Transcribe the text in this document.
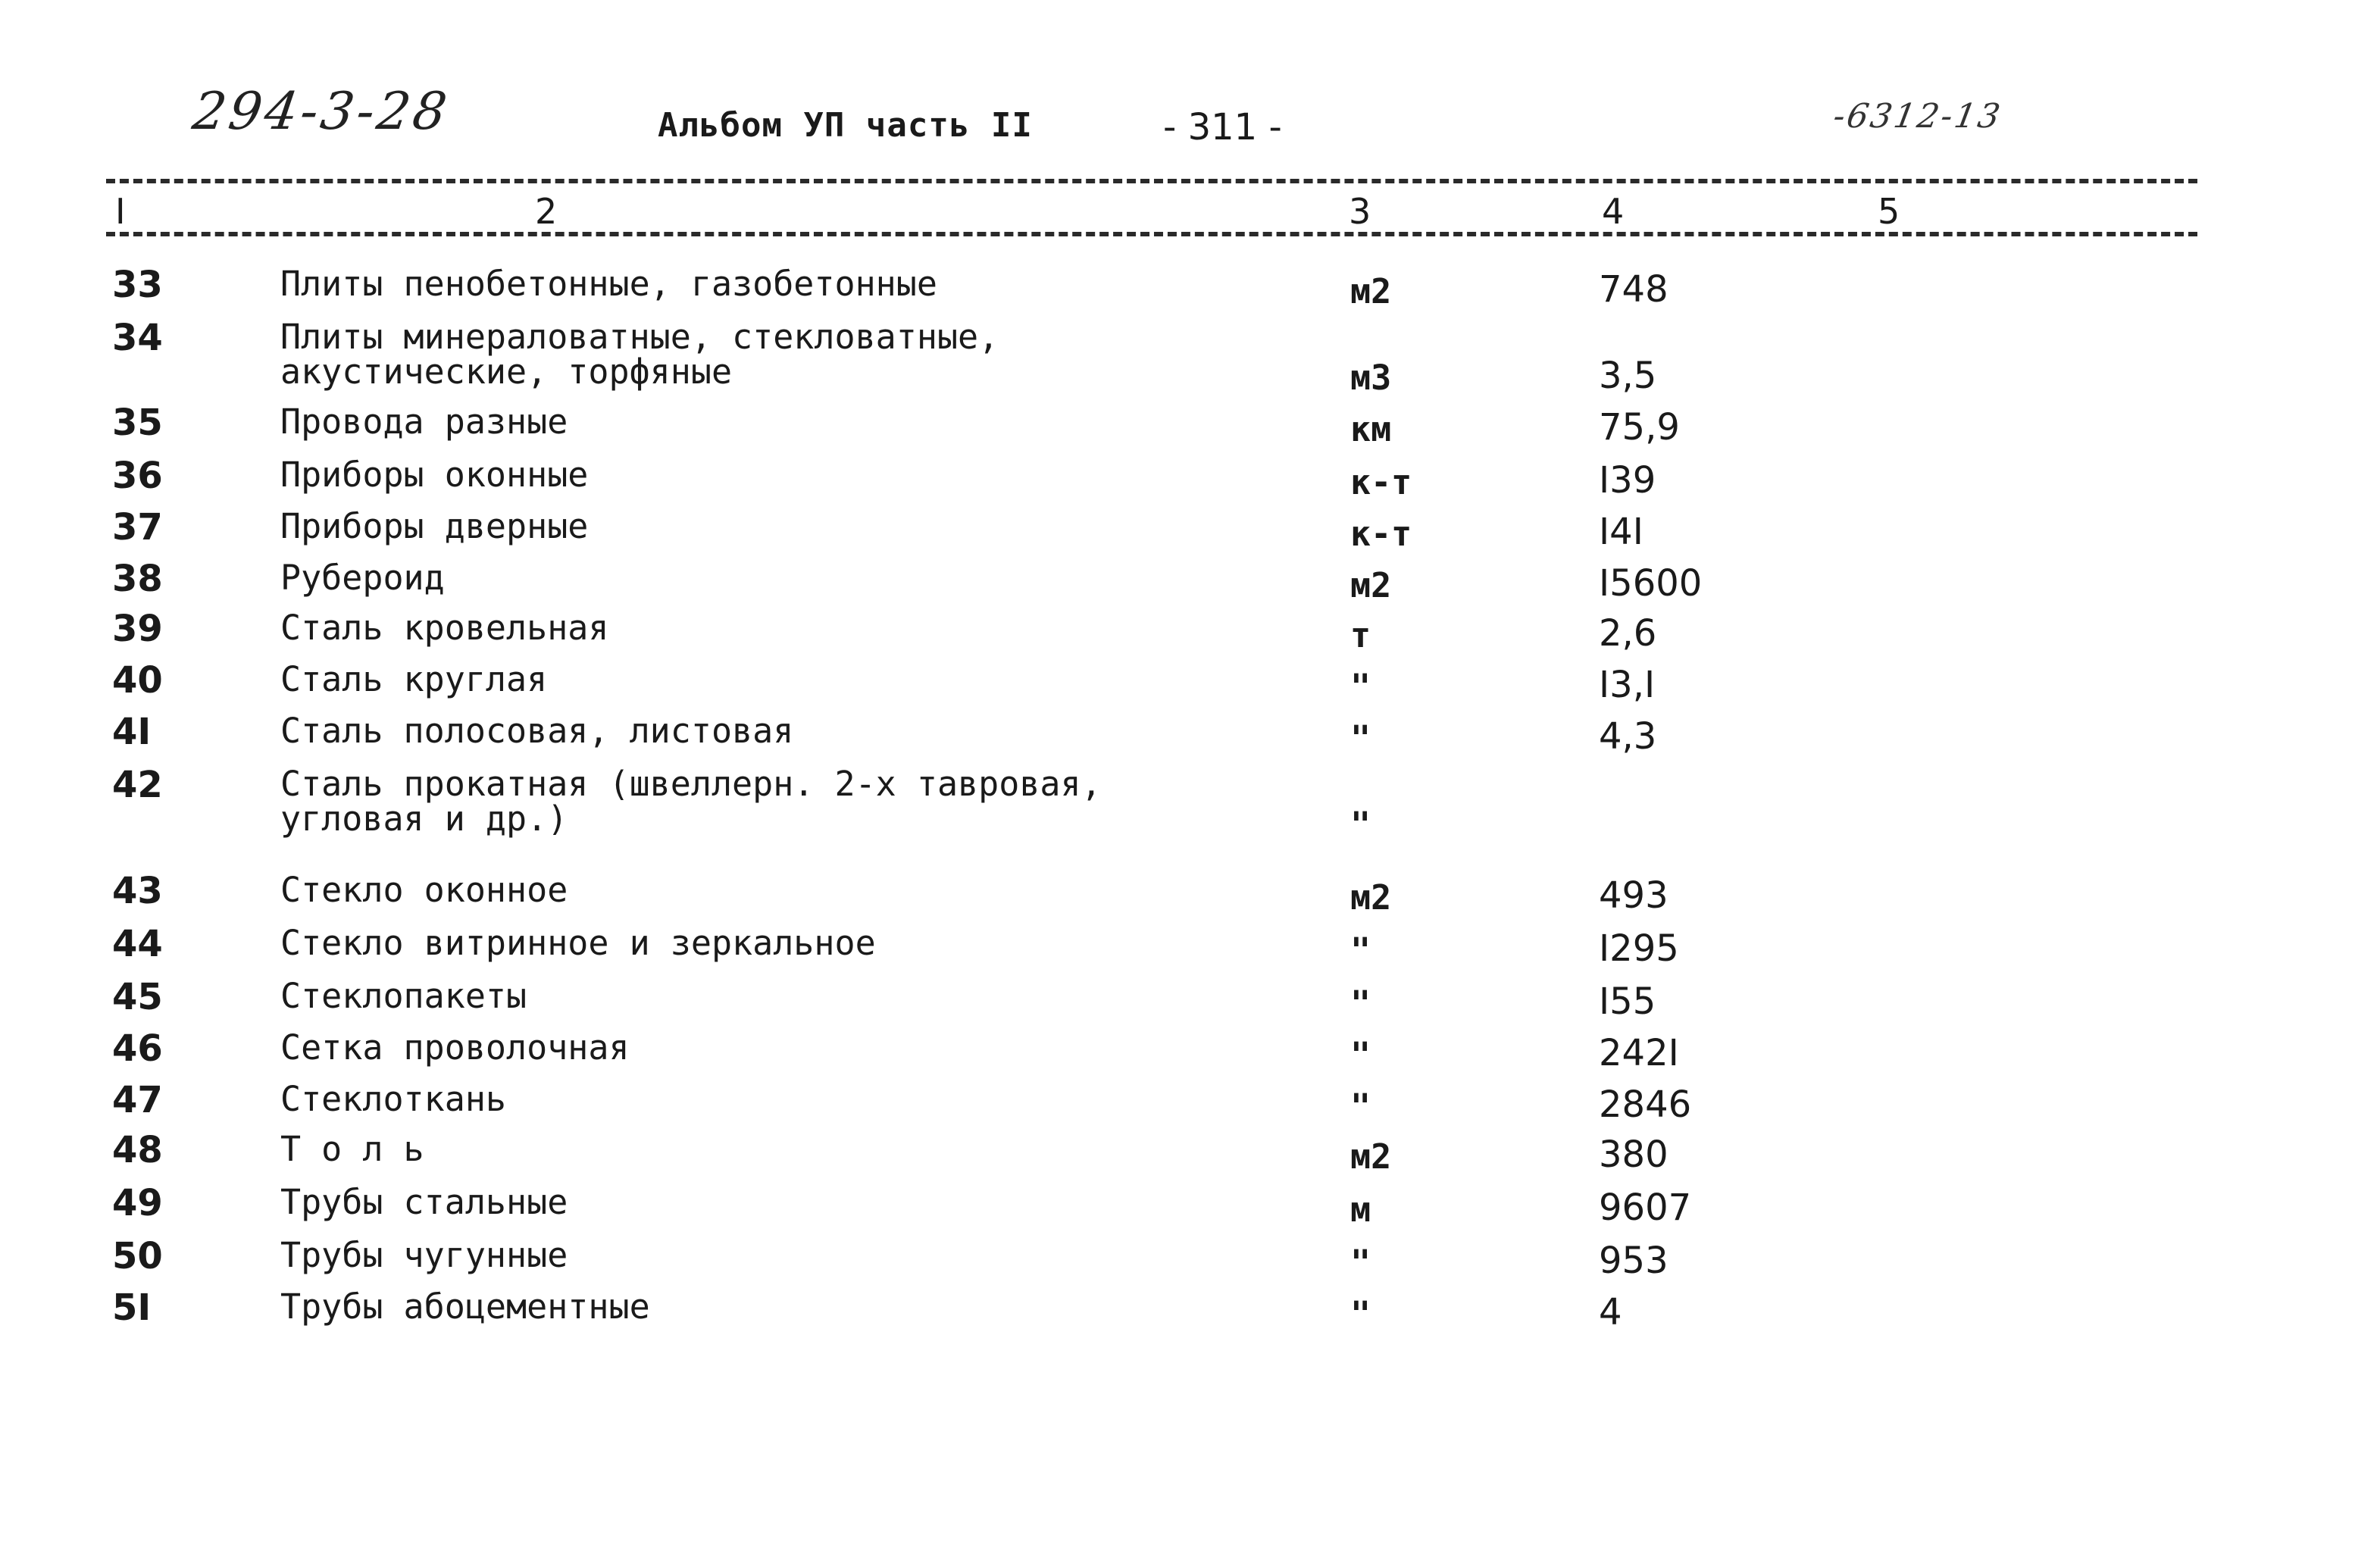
294-3-28	Альбом УП часть II	- 311 -	-6312-13
I	2	3	4	5
33	Плиты пенобетонные, газобетонные	м2	748
34	Плиты минераловатные, стекловатные,
акустические, торфяные	м3	3,5
35	Провода разные	км	75,9
36	Приборы оконные	к-т	I39
37	Приборы дверные	к-т	I4I
38	Рубероид	м2	I5600
39	Сталь кровельная	т	2,6
40	Сталь круглая	"	I3,I
4I	Сталь полосовая, листовая	"	4,3
42	Сталь прокатная (швеллерн. 2-х тавровая,
угловая и др.)	"
43	Стекло оконное	м2	493
44	Стекло витринное и зеркальное	"	I295
45	Стеклопакеты	"	I55
46	Сетка проволочная	"	242I
47	Стеклоткань	"	2846
48	Т о л ь	м2	380
49	Трубы стальные	м	9607
50	Трубы чугунные	"	953
5I	Трубы абоцементные	"	4
